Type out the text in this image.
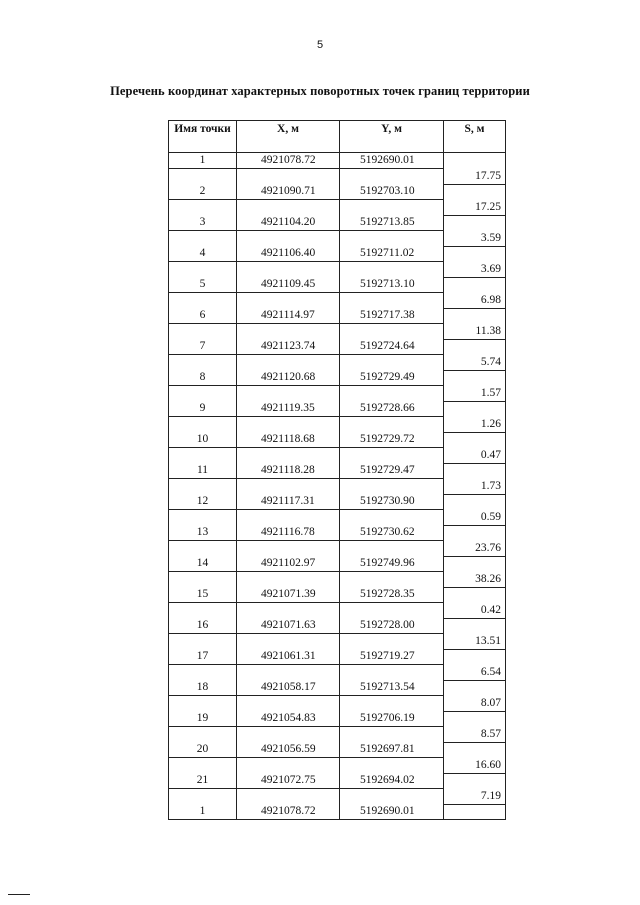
5
Перечень координат характерных поворотных точек границ территории
Имя точки	X, м	Y, м	S, м
1	4921078.72	5192690.01	
			17.75
2	4921090.71	5192703.10	
			17.25
3	4921104.20	5192713.85	
			3.59
4	4921106.40	5192711.02	
			3.69
5	4921109.45	5192713.10	
			6.98
6	4921114.97	5192717.38	
			11.38
7	4921123.74	5192724.64	
			5.74
8	4921120.68	5192729.49	
			1.57
9	4921119.35	5192728.66	
			1.26
10	4921118.68	5192729.72	
			0.47
11	4921118.28	5192729.47	
			1.73
12	4921117.31	5192730.90	
			0.59
13	4921116.78	5192730.62	
			23.76
14	4921102.97	5192749.96	
			38.26
15	4921071.39	5192728.35	
			0.42
16	4921071.63	5192728.00	
			13.51
17	4921061.31	5192719.27	
			6.54
18	4921058.17	5192713.54	
			8.07
19	4921054.83	5192706.19	
			8.57
20	4921056.59	5192697.81	
			16.60
21	4921072.75	5192694.02	
			7.19
1	4921078.72	5192690.01	
